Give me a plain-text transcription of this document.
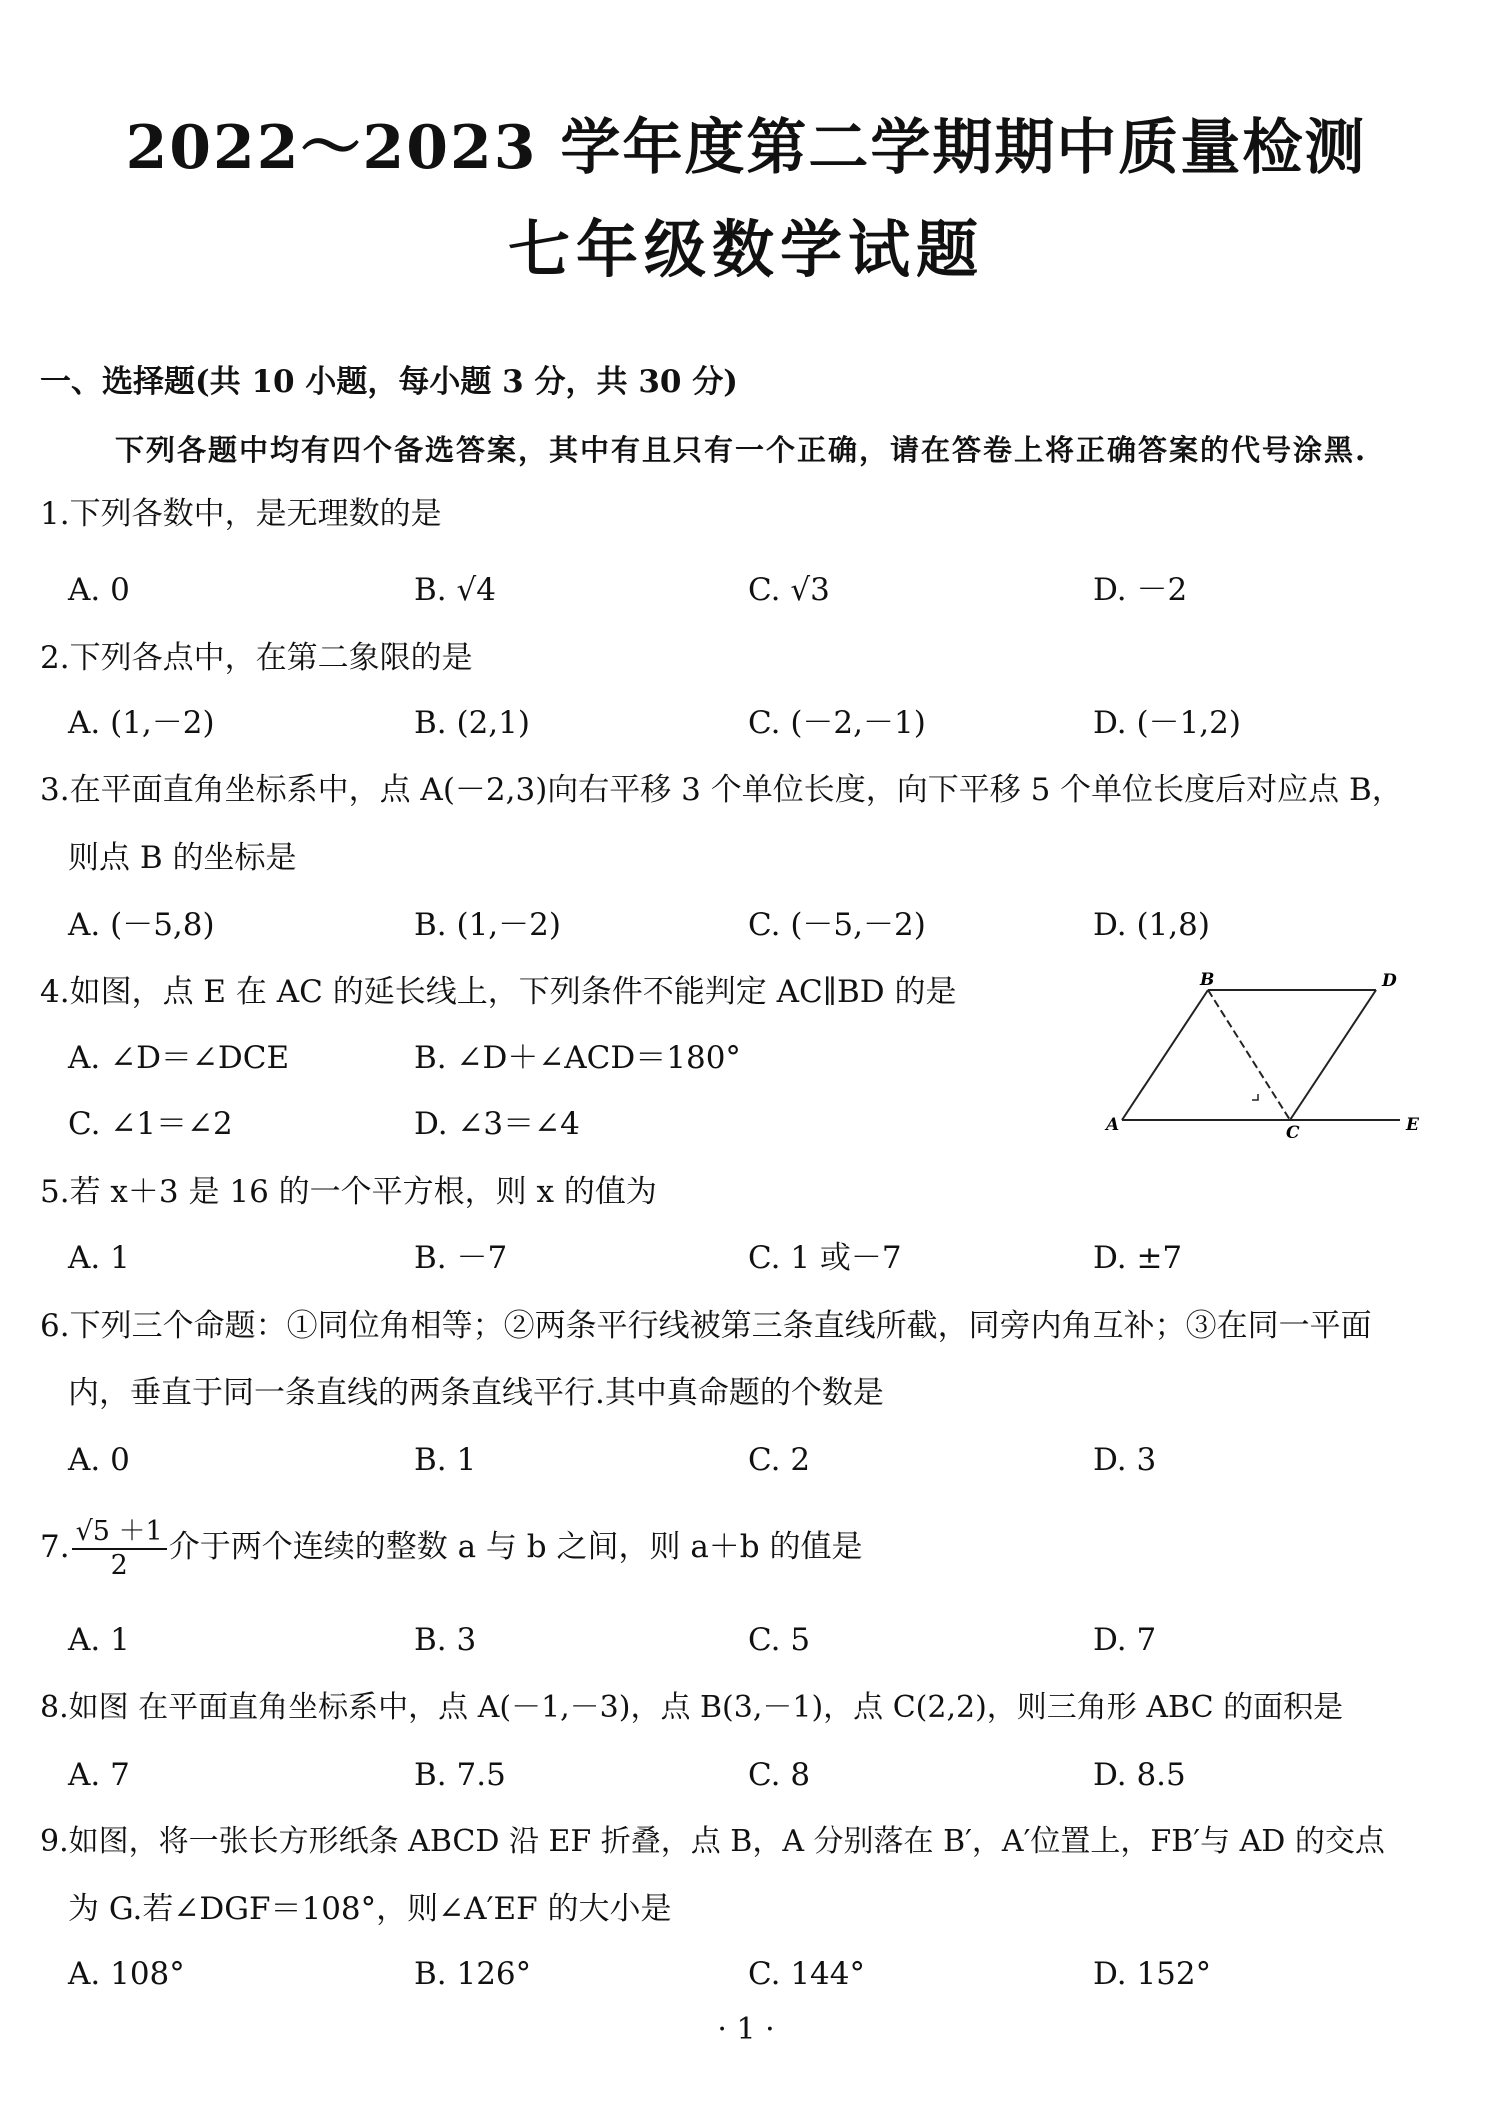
2022～2023 学年度第二学期期中质量检测
七年级数学试题
一、选择题(共 10 小题，每小题 3 分，共 30 分)
下列各题中均有四个备选答案，其中有且只有一个正确，请在答卷上将正确答案的代号涂黑.
1.下列各数中，是无理数的是
A. 0	B. √4	C. √3	D. －2
2.下列各点中，在第二象限的是
A. (1,－2)	B. (2,1)	C. (－2,－1)	D. (－1,2)
3.在平面直角坐标系中，点 A(－2,3)向右平移 3 个单位长度，向下平移 5 个单位长度后对应点 B，
则点 B 的坐标是
A. (－5,8)	B. (1,－2)	C. (－5,－2)	D. (1,8)
4.如图，点 E 在 AC 的延长线上，下列条件不能判定 AC∥BD 的是
A. ∠D＝∠DCE	B. ∠D＋∠ACD＝180°
C. ∠1＝∠2	D. ∠3＝∠4
B	D
A	C	E
5.若 x＋3 是 16 的一个平方根，则 x 的值为
A. 1	B. －7	C. 1 或－7	D. ±7
6.下列三个命题：①同位角相等；②两条平行线被第三条直线所截，同旁内角互补；③在同一平面
内，垂直于同一条直线的两条直线平行.其中真命题的个数是
A. 0	B. 1	C. 2	D. 3
7. $\frac{√5 +1}{2}$ 介于两个连续的整数 a 与 b 之间，则 a＋b 的值是
A. 1	B. 3	C. 5	D. 7
8.如图 在平面直角坐标系中，点 A(－1,－3)，点 B(3,－1)，点 C(2,2)，则三角形 ABC 的面积是
A. 7	B. 7.5	C. 8	D. 8.5
9.如图，将一张长方形纸条 ABCD 沿 EF 折叠，点 B，A 分别落在 B′，A′位置上，FB′与 AD 的交点
为 G.若∠DGF＝108°，则∠A′EF 的大小是
A. 108°	B. 126°	C. 144°	D. 152°
· 1 ·
